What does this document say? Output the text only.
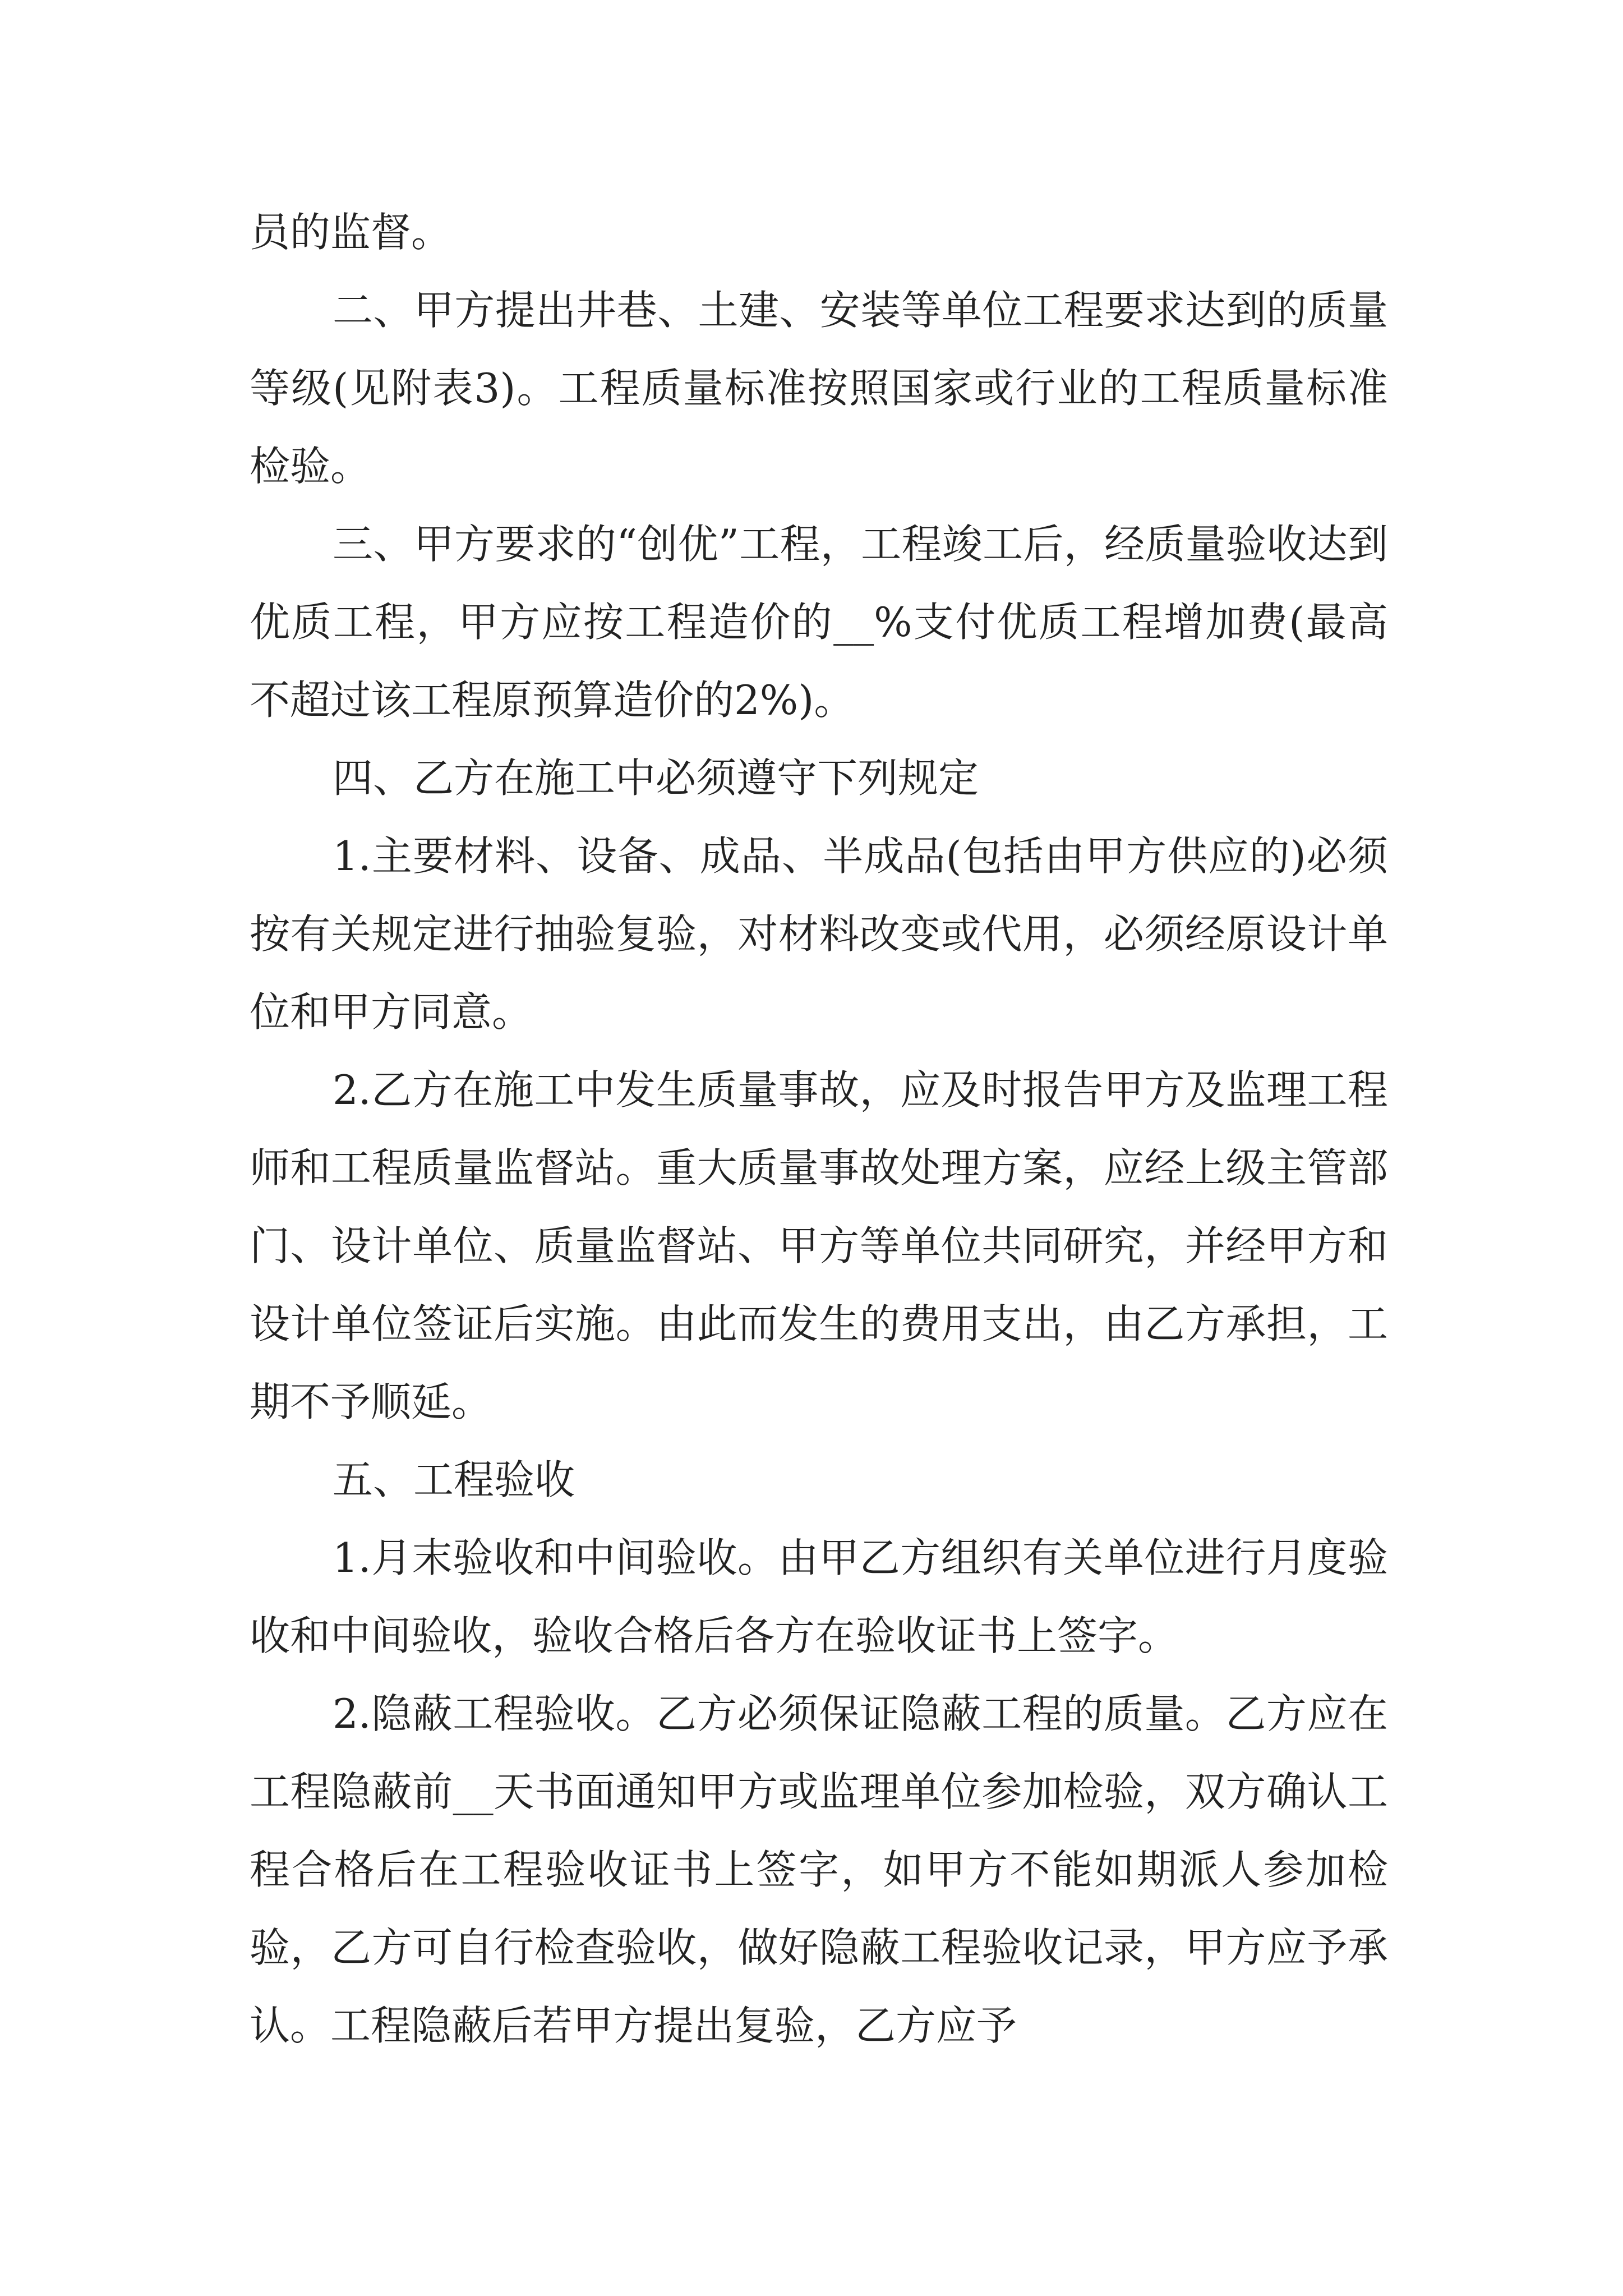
员的监督。

二、甲方提出井巷、土建、安装等单位工程要求达到的质量等级(见附表3)。工程质量标准按照国家或行业的工程质量标准检验。

三、甲方要求的“创优”工程，工程竣工后，经质量验收达到优质工程，甲方应按工程造价的__%支付优质工程增加费(最高不超过该工程原预算造价的2%)。

四、乙方在施工中必须遵守下列规定

1.主要材料、设备、成品、半成品(包括由甲方供应的)必须按有关规定进行抽验复验，对材料改变或代用，必须经原设计单位和甲方同意。

2.乙方在施工中发生质量事故，应及时报告甲方及监理工程师和工程质量监督站。重大质量事故处理方案，应经上级主管部门、设计单位、质量监督站、甲方等单位共同研究，并经甲方和设计单位签证后实施。由此而发生的费用支出，由乙方承担，工期不予顺延。

五、工程验收

1.月末验收和中间验收。由甲乙方组织有关单位进行月度验收和中间验收，验收合格后各方在验收证书上签字。

2.隐蔽工程验收。乙方必须保证隐蔽工程的质量。乙方应在工程隐蔽前__天书面通知甲方或监理单位参加检验，双方确认工程合格后在工程验收证书上签字，如甲方不能如期派人参加检验，乙方可自行检查验收，做好隐蔽工程验收记录，甲方应予承认。工程隐蔽后若甲方提出复验，乙方应予
